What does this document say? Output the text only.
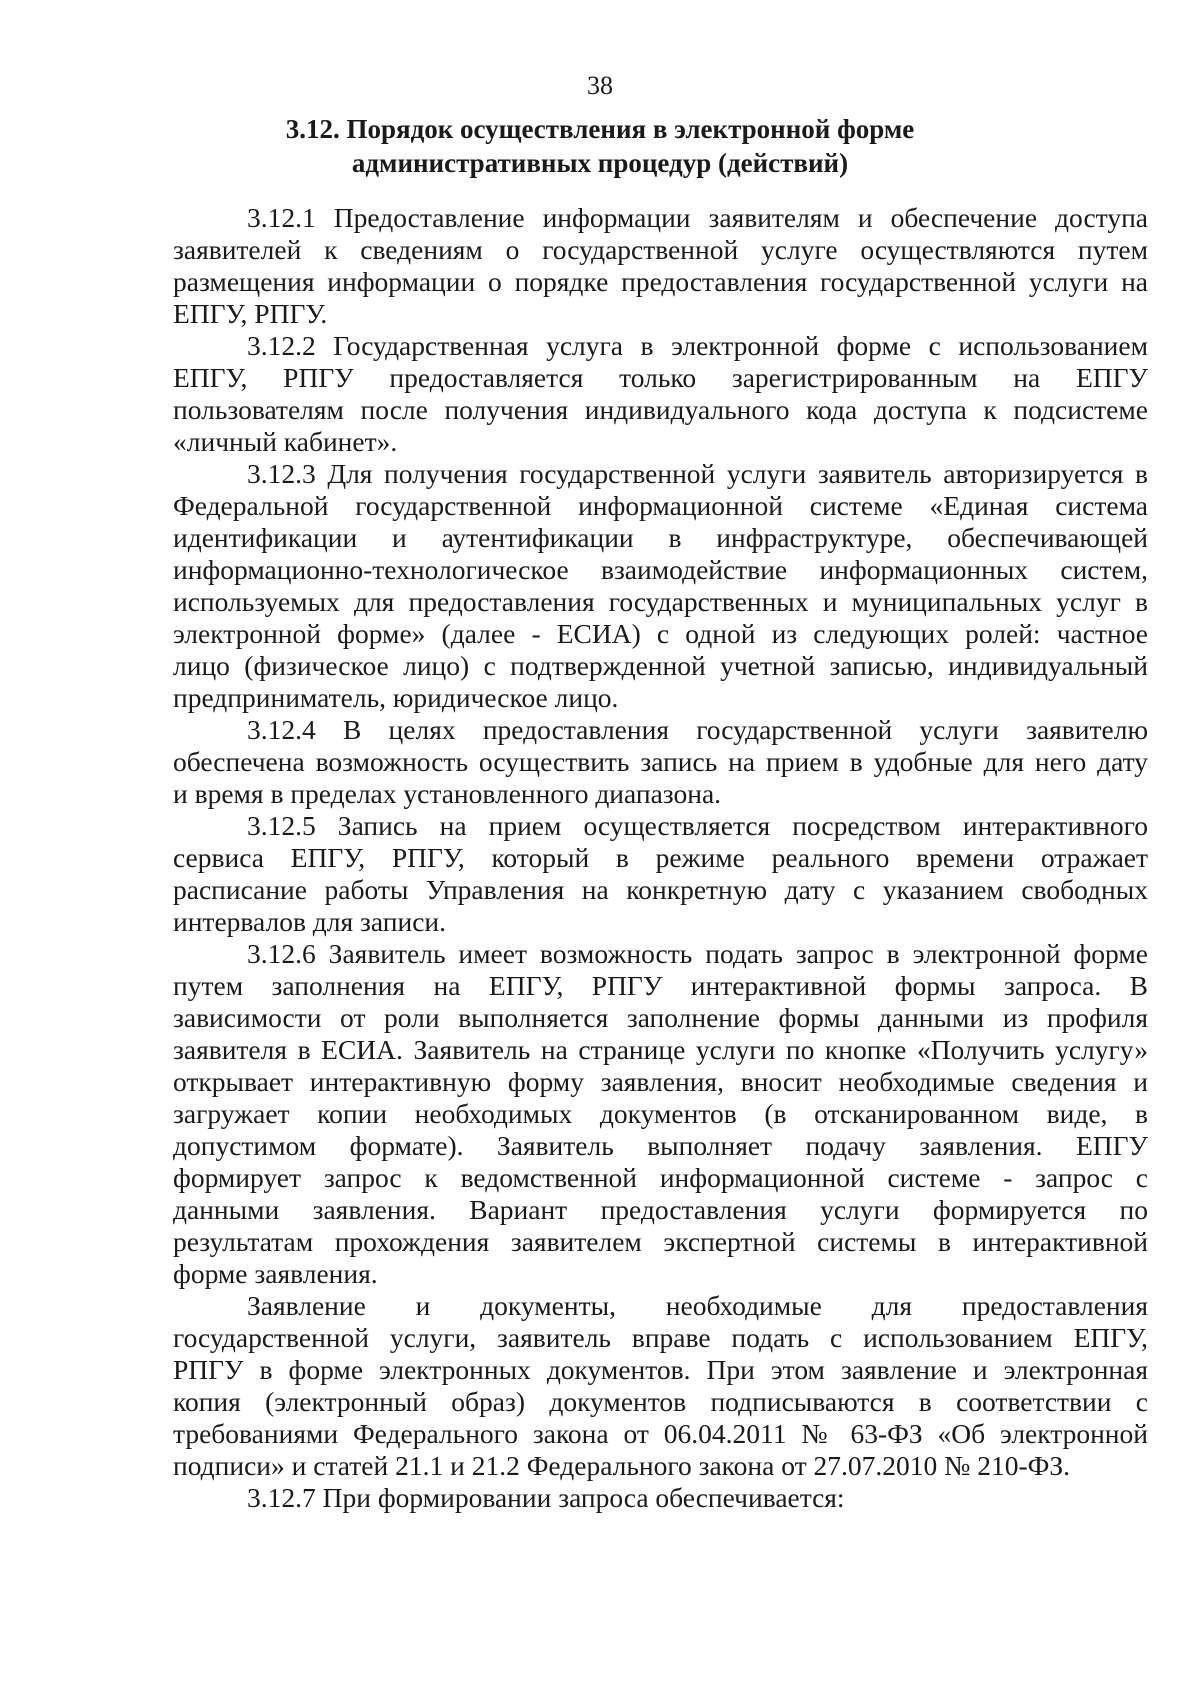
38
3.12. Порядок осуществления в электронной форме
административных процедур (действий)
3.12.1 Предоставление информации заявителям и обеспечение доступа
заявителей к сведениям о государственной услуге осуществляются путем
размещения информации о порядке предоставления государственной услуги на
ЕПГУ, РПГУ.
3.12.2 Государственная услуга в электронной форме с использованием
ЕПГУ, РПГУ предоставляется только зарегистрированным на ЕПГУ
пользователям после получения индивидуального кода доступа к подсистеме
«личный кабинет».
3.12.3 Для получения государственной услуги заявитель авторизируется в
Федеральной государственной информационной системе «Единая система
идентификации и аутентификации в инфраструктуре, обеспечивающей
информационно-технологическое взаимодействие информационных систем,
используемых для предоставления государственных и муниципальных услуг в
электронной форме» (далее - ЕСИА) с одной из следующих ролей: частное
лицо (физическое лицо) с подтвержденной учетной записью, индивидуальный
предприниматель, юридическое лицо.
3.12.4 В целях предоставления государственной услуги заявителю
обеспечена возможность осуществить запись на прием в удобные для него дату
и время в пределах установленного диапазона.
3.12.5 Запись на прием осуществляется посредством интерактивного
сервиса ЕПГУ, РПГУ, который в режиме реального времени отражает
расписание работы Управления на конкретную дату с указанием свободных
интервалов для записи.
3.12.6 Заявитель имеет возможность подать запрос в электронной форме
путем заполнения на ЕПГУ, РПГУ интерактивной формы запроса. В
зависимости от роли выполняется заполнение формы данными из профиля
заявителя в ЕСИА. Заявитель на странице услуги по кнопке «Получить услугу»
открывает интерактивную форму заявления, вносит необходимые сведения и
загружает копии необходимых документов (в отсканированном виде, в
допустимом формате). Заявитель выполняет подачу заявления. ЕПГУ
формирует запрос к ведомственной информационной системе - запрос с
данными заявления. Вариант предоставления услуги формируется по
результатам прохождения заявителем экспертной системы в интерактивной
форме заявления.
Заявление и документы, необходимые для предоставления
государственной услуги, заявитель вправе подать с использованием ЕПГУ,
РПГУ в форме электронных документов. При этом заявление и электронная
копия (электронный образ) документов подписываются в соответствии с
требованиями Федерального закона от 06.04.2011 № 63-ФЗ «Об электронной
подписи» и статей 21.1 и 21.2 Федерального закона от 27.07.2010 № 210-ФЗ.
3.12.7 При формировании запроса обеспечивается:
